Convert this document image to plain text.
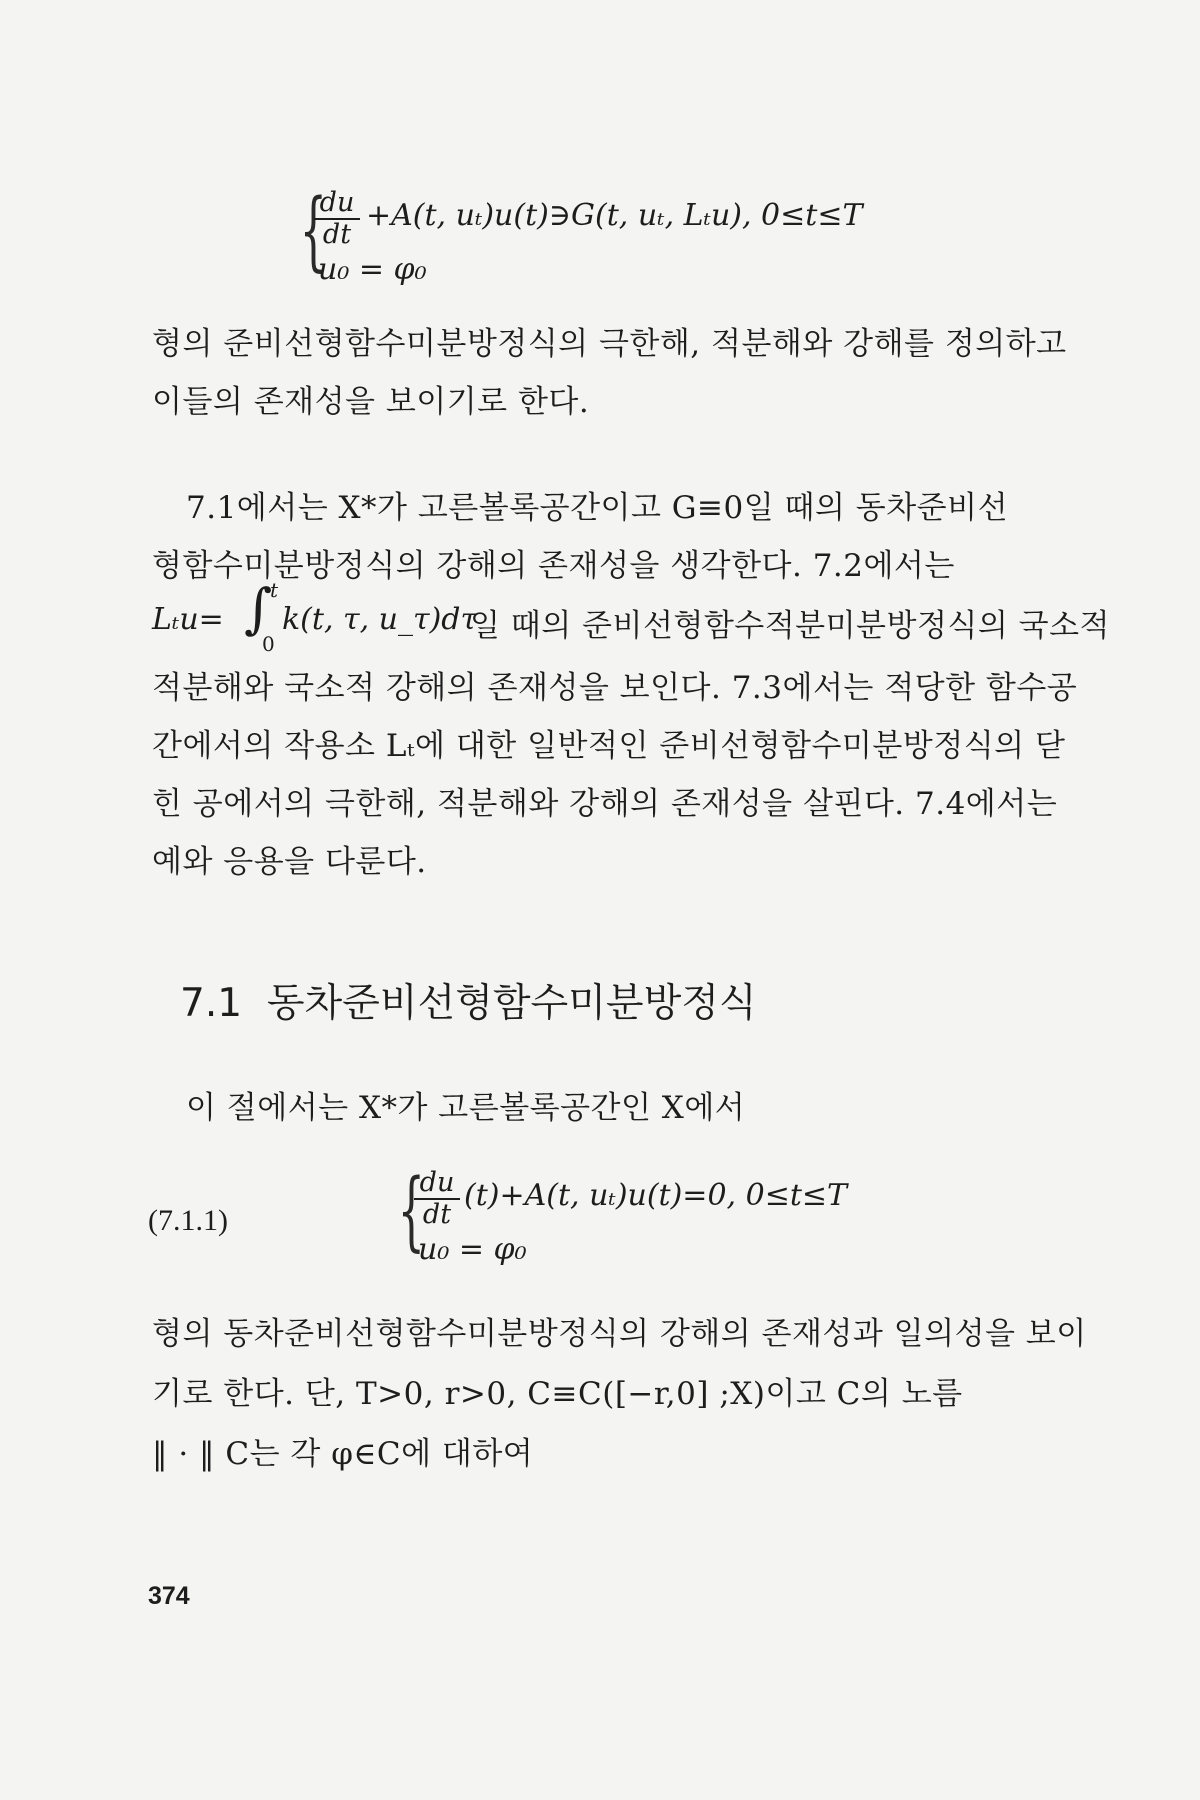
{
$\frac{du}{dt} +A(t$, uₜ)u(t)∋G(t, uₜ, Lₜu), 0≤t≤T
u₀ = φ₀
형의 준비선형함수미분방정식의 극한해, 적분해와 강해를 정의하고
이들의 존재성을 보이기로 한다.
7.1에서는 X*가 고른볼록공간이고 G≡0일 때의 동차준비선
형함수미분방정식의 강해의 존재성을 생각한다. 7.2에서는
Lₜu= ∫
t
0
k(t, τ, u_τ)dτ
일 때의 준비선형함수적분미분방정식의 국소적
적분해와 국소적 강해의 존재성을 보인다. 7.3에서는 적당한 함수공
간에서의 작용소 Lₜ에 대한 일반적인 준비선형함수미분방정식의 닫
힌 공에서의 극한해, 적분해와 강해의 존재성을 살핀다. 7.4에서는
예와 응용을 다룬다.
7.1 동차준비선형함수미분방정식
이 절에서는 X*가 고른볼록공간인 X에서
(7.1.1) {
$\frac{du}{dt} (t)+A(t$, uₜ)u(t)=0, 0≤t≤T
u₀ = φ₀
형의 동차준비선형함수미분방정식의 강해의 존재성과 일의성을 보이
기로 한다. 단, T>0, r>0, C≡C([−r,0] ;X)이고 C의 노름
‖ · ‖ C는 각 φ∈C에 대하여
374
